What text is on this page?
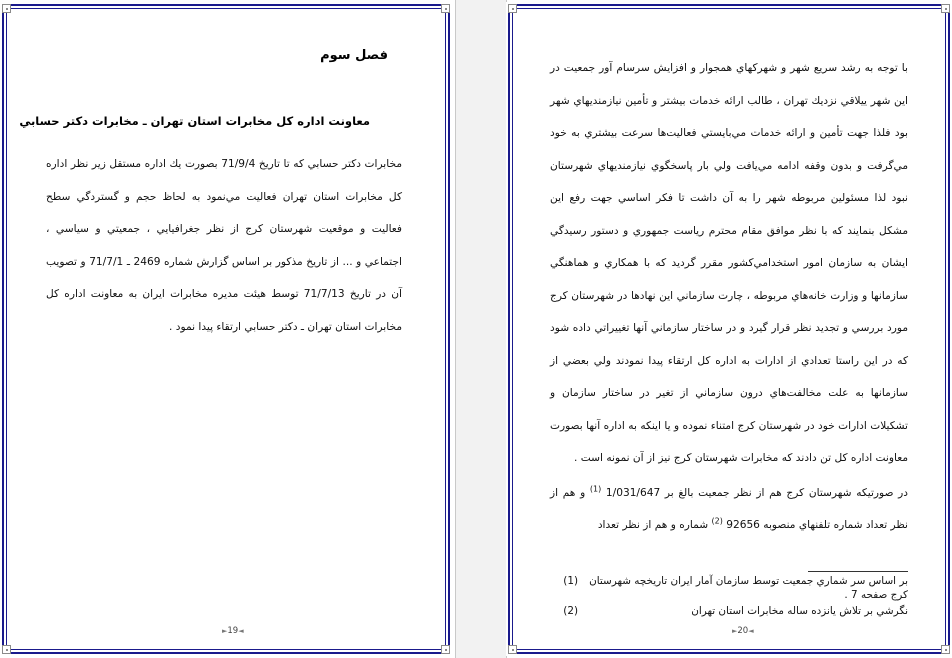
فصل سوم
معاونت اداره كل مخابرات استان تهران ـ مخابرات دكتر حسابي
مخابرات دكتر حسابي كه تا تاريخ 71/9/4 بصورت يك اداره مستقل زير نظر اداره كل مخابرات استان تهران فعاليت مي‌نمود به لحاظ حجم و گستردگي سطح فعاليت و موقعيت شهرستان كرج از نظر جغرافيايي ، جمعيتي و سياسي ، اجتماعي و ... از تاريخ مذكور بر اساس گزارش شماره 2469 ـ 71/7/1 و تصويب آن در تاريخ 71/7/13 توسط هيئت مديره مخابرات ايران به معاونت اداره كل مخابرات استان تهران ـ دكتر حسابي ارتقاء پيدا نمود .
►19◄
با توجه به رشد سريع شهر و شهركهاي همجوار و افزايش سرسام آور جمعيت در اين شهر ييلاقي نزديك تهران ، طالب ارائه خدمات بيشتر و تأمين نيازمنديهاي شهر بود فلذا جهت تأمين و ارائه خدمات مي‌بايستي فعاليت‌ها سرعت بيشتري به خود مي‌گرفت و بدون وقفه ادامه مي‌يافت ولي بار پاسخگوي نيازمنديهاي شهرستان نبود لذا مسئولين مربوطه شهر را به آن داشت تا فكر اساسي جهت رفع اين مشكل بنمايند كه با نظر موافق مقام محترم رياست جمهوري و دستور رسيدگي ايشان به سازمان امور استخدامي‌كشور مقرر گرديد كه با همكاري و هماهنگي سازمانها و وزارت خانه‌هاي مربوطه ، چارت سازماني اين نهادها در شهرستان كرج مورد بررسي و تجديد نظر قرار گيرد و در ساختار سازماني آنها تغييراتي داده شود كه در اين راستا تعدادي از ادارات به اداره كل ارتقاء پيدا نمودند ولي بعضي از سازمانها به علت مخالفت‌هاي درون سازماني از تغير در ساختار سازمان و تشكيلات ادارات خود در شهرستان كرج امتناء نموده و يا اينكه به اداره آنها بصورت معاونت اداره كل تن دادند كه مخابرات شهرستان كرج نيز از آن نمونه است .
در صورتيكه شهرستان كرج هم از نظر جمعيت بالغ بر 1/031/647 $^{(1)}$ و هم از نظر تعداد شماره تلفنهاي منصوبه 92656 $^{(2)}$ شماره و هم از نظر تعداد
بر اساس سر شماري جمعيت توسط سازمان آمار ايران تاريخچه شهرستان كرج صفحه 7 .
(1)
نگرشي بر تلاش يانزده ساله مخابرات استان تهران
(2)
►20◄
